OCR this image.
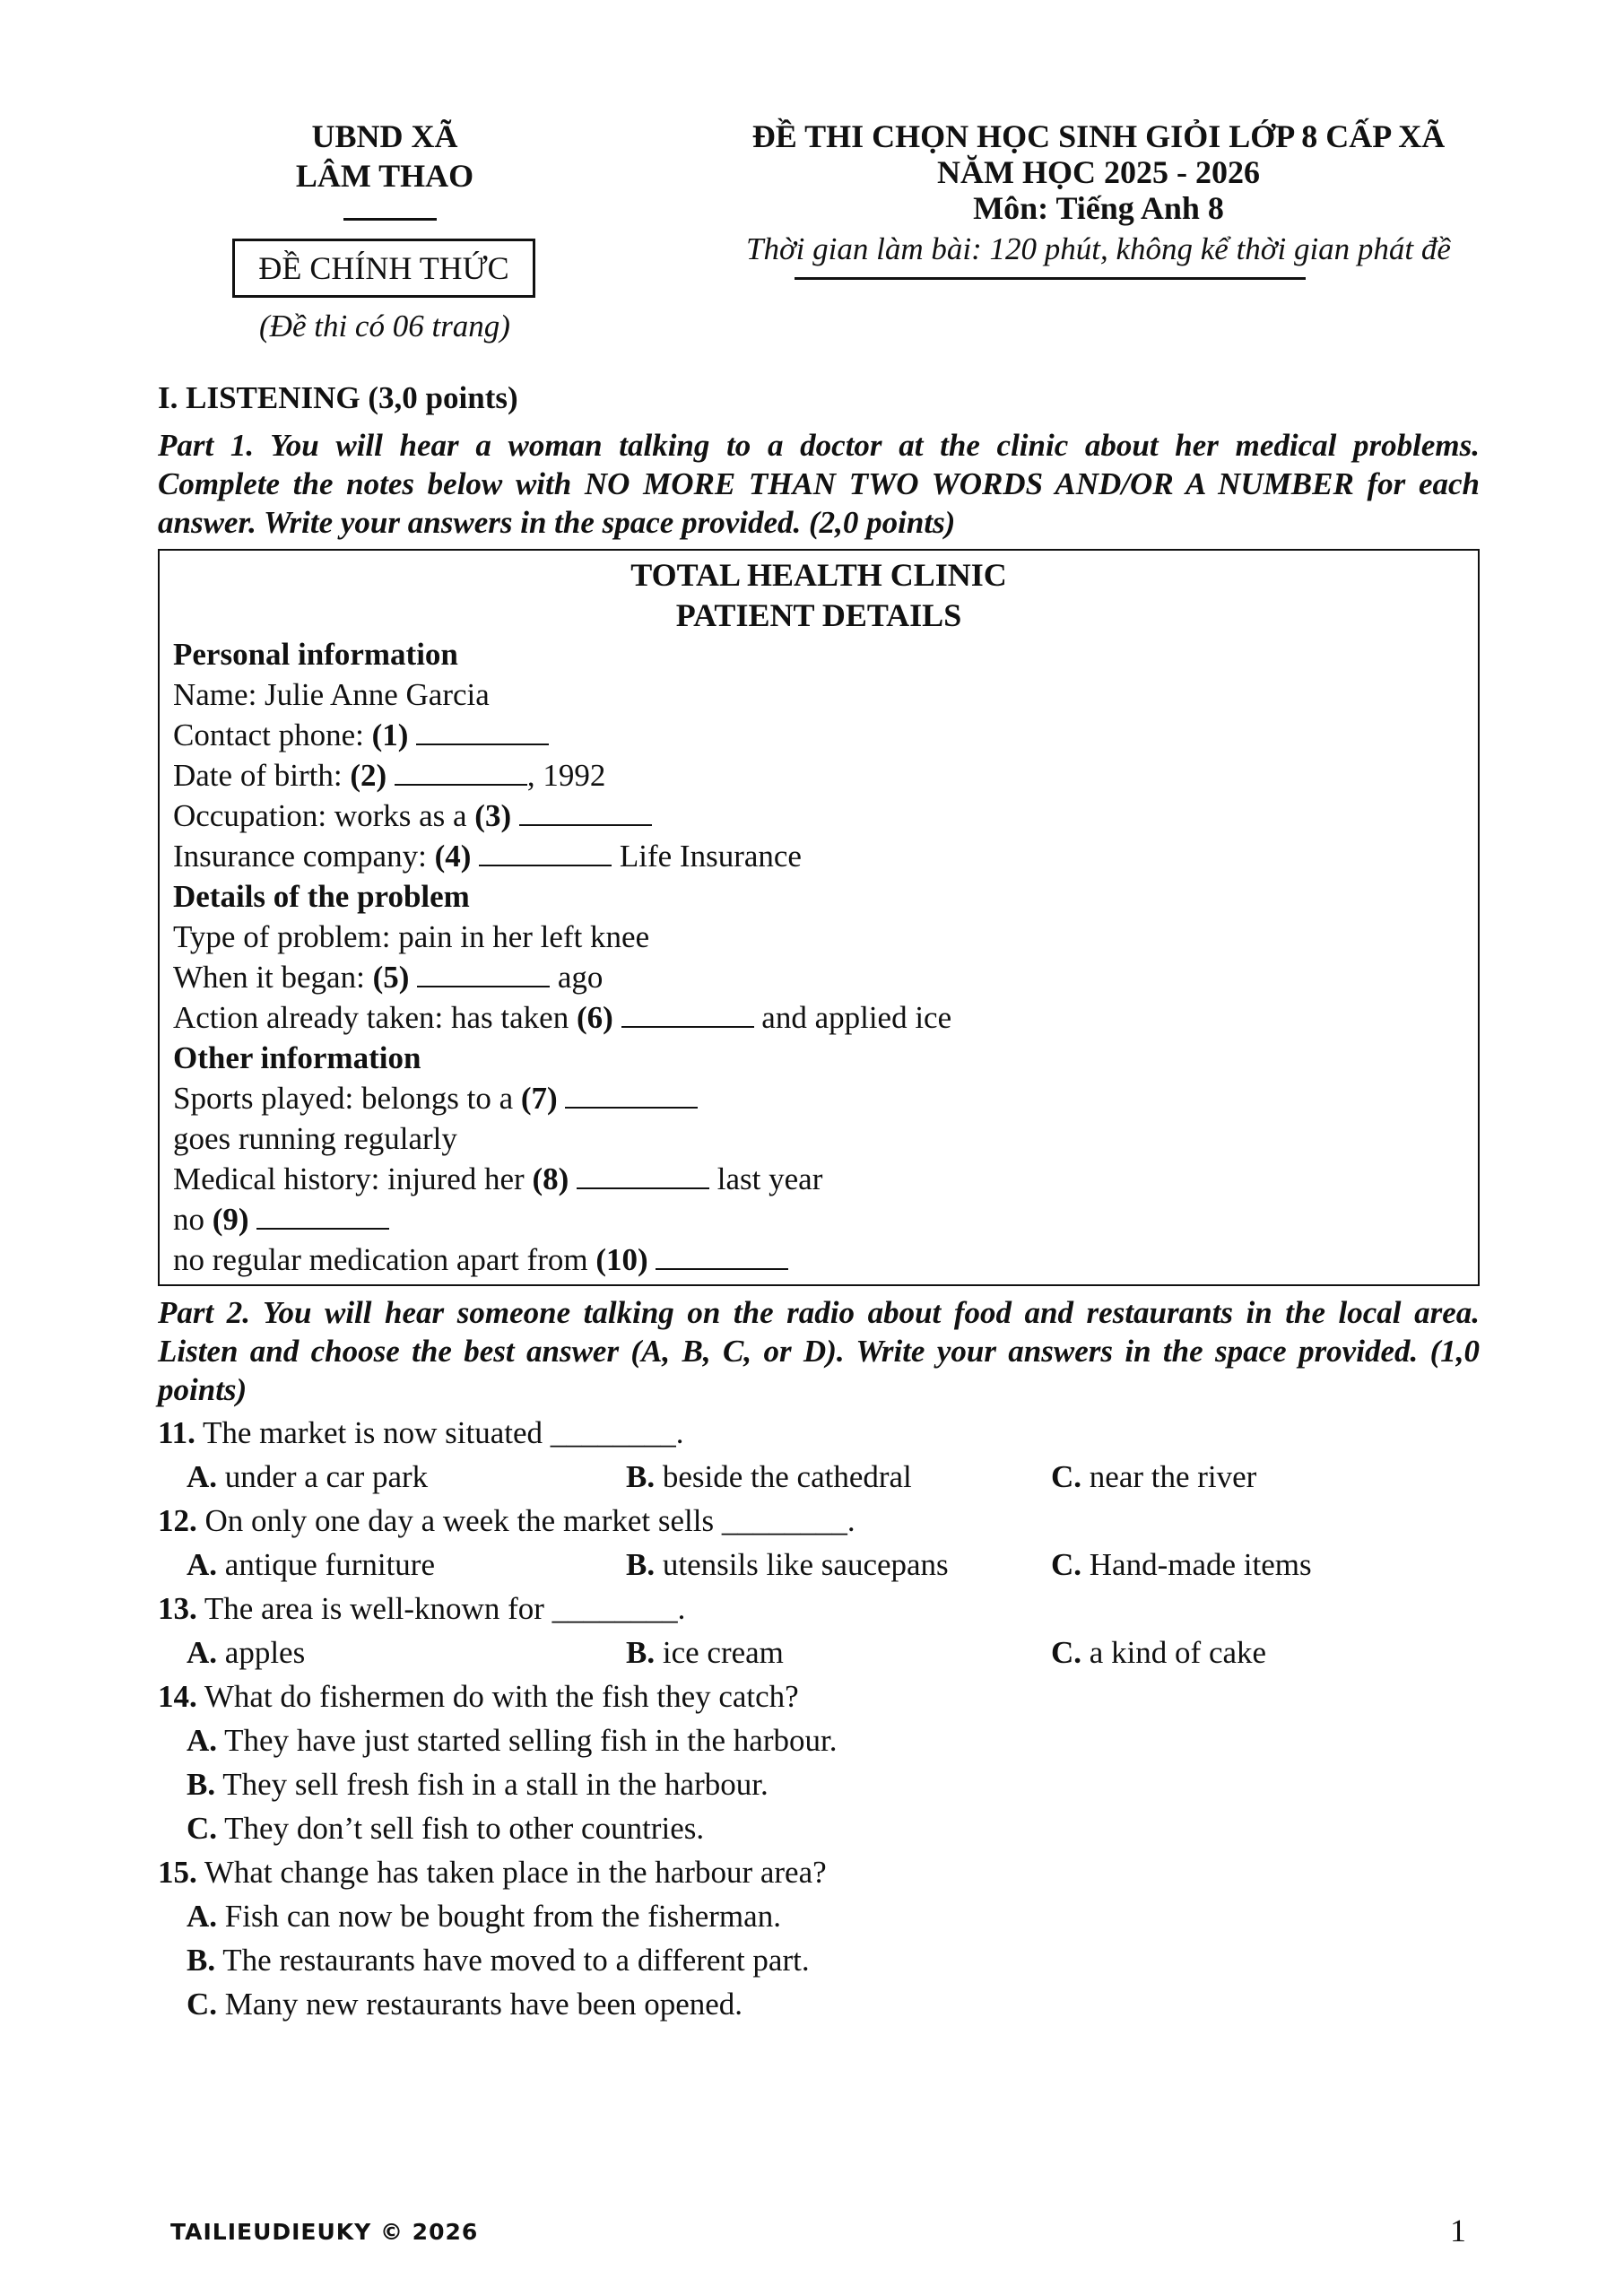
UBND XÃ
LÂM THAO
ĐỀ CHÍNH THỨC
(Đề thi có 06 trang)
ĐỀ THI CHỌN HỌC SINH GIỎI LỚP 8 CẤP XÃ
NĂM HỌC 2025 - 2026
Môn: Tiếng Anh 8
Thời gian làm bài: 120 phút, không kể thời gian phát đề
I. LISTENING (3,0 points)
Part 1. You will hear a woman talking to a doctor at the clinic about her medical problems.
Complete the notes below with NO MORE THAN TWO WORDS AND/OR A NUMBER for each
answer. Write your answers in the space provided. (2,0 points)
TOTAL HEALTH CLINIC
PATIENT DETAILS
Personal information
Name: Julie Anne Garcia
Contact phone: (1)
Date of birth: (2)	, 1992
Occupation: works as a (3)
Insurance company: (4)	Life Insurance
Details of the problem
Type of problem: pain in her left knee
When it began: (5)	ago
Action already taken: has taken (6)	and applied ice
Other information
Sports played: belongs to a (7)
goes running regularly
Medical history: injured her (8)	last year
no (9)
no regular medication apart from (10)
Part 2. You will hear someone talking on the radio about food and restaurants in the local area.
Listen and choose the best answer (A, B, C, or D). Write your answers in the space provided. (1,0
points)
11. The market is now situated ________.
A. under a car park	B. beside the cathedral	C. near the river
12. On only one day a week the market sells ________.
A. antique furniture	B. utensils like saucepans	C. Hand-made items
13. The area is well-known for ________.
A. apples	B. ice cream	C. a kind of cake
14. What do fishermen do with the fish they catch?
A. They have just started selling fish in the harbour.
B. They sell fresh fish in a stall in the harbour.
C. They don’t sell fish to other countries.
15. What change has taken place in the harbour area?
A. Fish can now be bought from the fisherman.
B. The restaurants have moved to a different part.
C. Many new restaurants have been opened.
TAILIEUDIEUKY © 2026	1
